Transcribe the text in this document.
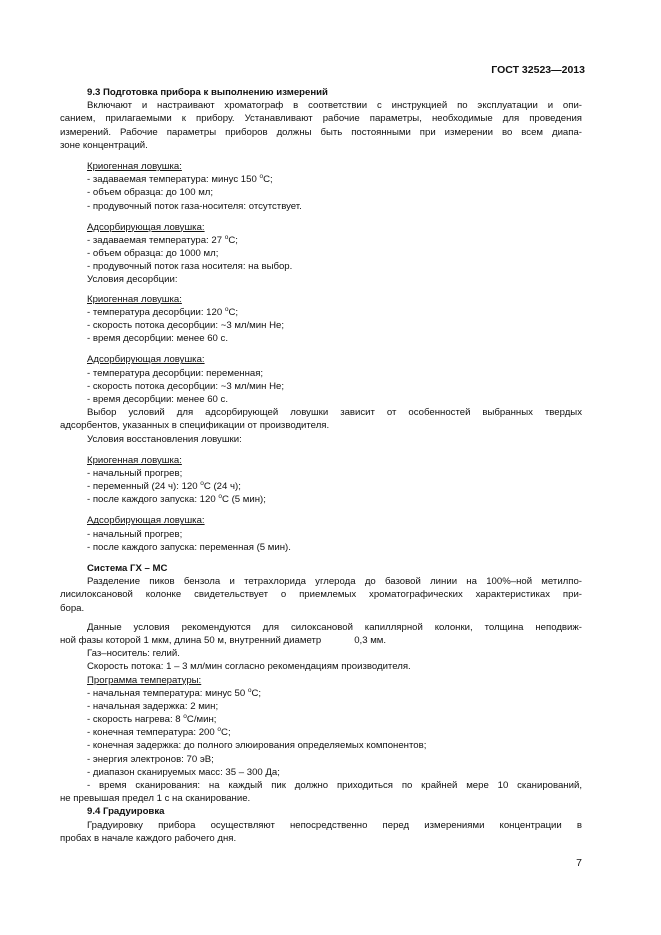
ГОСТ 32523—2013
9.3 Подготовка прибора к выполнению измерений
Включают и настраивают хроматограф в соответствии с инструкцией по эксплуатации и опи-
санием, прилагаемыми к прибору. Устанавливают рабочие параметры, необходимые для проведения
измерений. Рабочие параметры приборов должны быть постоянными при измерении во всем диапа-
зоне концентраций.
Криогенная ловушка:
- задаваемая температура: минус 150 $^o$C;
- объем образца: до 100 мл;
- продувочный поток газа-носителя: отсутствует.
Адсорбирующая ловушка:
- задаваемая температура: 27 $^o$C;
- объем образца: до 1000 мл;
- продувочный поток газа носителя: на выбор.
Условия десорбции:
Криогенная ловушка:
- температура десорбции: 120 $^o$C;
- скорость потока десорбции: ~3 мл/мин He;
- время десорбции: менее 60 с.
Адсорбирующая ловушка:
- температура десорбции: переменная;
- скорость потока десорбции: ~3 мл/мин He;
- время десорбции: менее 60 с.
Выбор условий для адсорбирующей ловушки зависит от особенностей выбранных твердых
адсорбентов, указанных в спецификации от производителя.
Условия восстановления ловушки:
Криогенная ловушка:
- начальный прогрев;
- переменный (24 ч): 120 $^o$C (24 ч);
- после каждого запуска: 120 $^o$C (5 мин);
Адсорбирующая ловушка:
- начальный прогрев;
- после каждого запуска: переменная (5 мин).
Система ГХ – МС
Разделение пиков бензола и тетрахлорида углерода до базовой линии на 100%–ной метилпо-
лисилоксановой колонке свидетельствует о приемлемых хроматографических характеристиках при-
бора.
Данные условия рекомендуются для силоксановой капиллярной колонки, толщина неподвиж-
ной фазы которой 1 мкм, длина 50 м, внутренний диаметр	0,3 мм.
Газ–носитель: гелий.
Скорость потока: 1 – 3 мл/мин согласно рекомендациям производителя.
Программа температуры:
- начальная температура: минус 50 $^o$C;
- начальная задержка: 2 мин;
- скорость нагрева: 8 $^o$C/мин;
- конечная температура: 200 $^o$C;
- конечная задержка: до полного элюирования определяемых компонентов;
- энергия электронов: 70 эВ;
- диапазон сканируемых масс: 35 – 300 Да;
- время сканирования: на каждый пик должно приходиться по крайней мере 10 сканирований,
не превышая предел 1 с на сканирование.
9.4 Градуировка
Градуировку прибора осуществляют непосредственно перед измерениями концентрации в
пробах в начале каждого рабочего дня.
7
